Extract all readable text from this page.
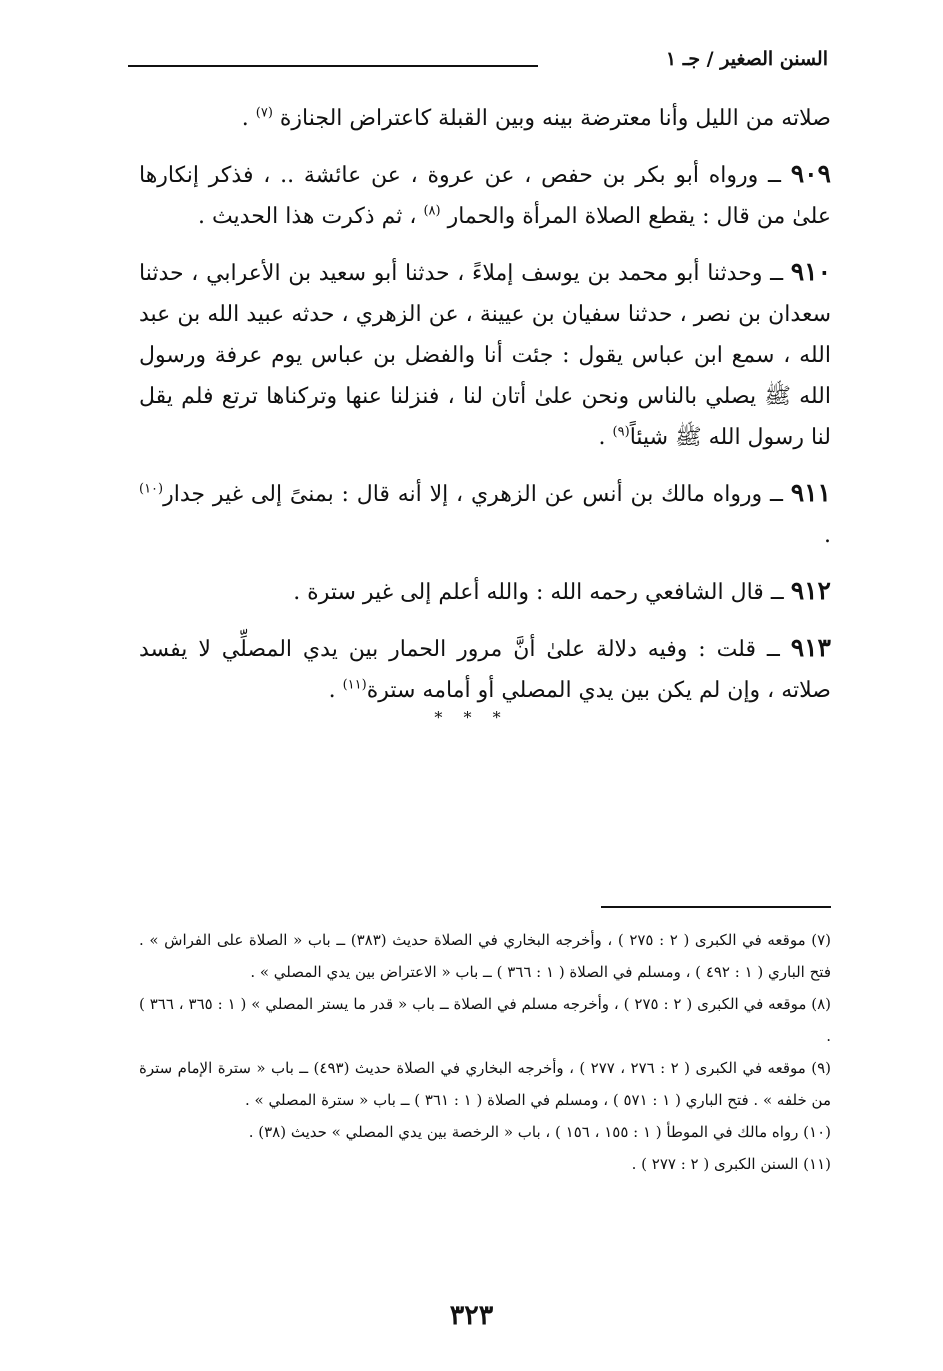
السنن الصغير / جـ ١

صلاته من الليل وأنا معترضة بينه وبين القبلة كاعتراض الجنازة $^{(٧)}$ .

٩٠٩ ــ ورواه أبو بكر بن حفص ، عن عروة ، عن عائشة .. ، فذكر إنكارها علىٰ من قال : يقطع الصلاة المرأة والحمار $^{(٨)}$ ، ثم ذكرت هذا الحديث .

٩١٠ ــ وحدثنا أبو محمد بن يوسف إملاءً ، حدثنا أبو سعيد بن الأعرابي ، حدثنا سعدان بن نصر ، حدثنا سفيان بن عيينة ، عن الزهري ، حدثه عبيد الله بن عبد الله ، سمع ابن عباس يقول : جئت أنا والفضل بن عباس يوم عرفة ورسول الله ﷺ يصلي بالناس ونحن علىٰ أتان لنا ، فنزلنا عنها وتركناها ترتع فلم يقل لنا رسول الله ﷺ شيئاً$^{(٩)}$ .

٩١١ ــ ورواه مالك بن أنس عن الزهري ، إلا أنه قال : بمنىً إلى غير جدار$^{(١٠)}$ .

٩١٢ ــ قال الشافعي رحمه الله : والله أعلم إلى غير سترة .

٩١٣ ــ قلت : وفيه دلالة علىٰ أنَّ مرور الحمار بين يدي المصلِّي لا يفسد صلاته ، وإن لم يكن بين يدي المصلي أو أمامه سترة$^{(١١)}$ .

* * *

(٧) موقعه في الكبرى ( ٢ : ٢٧٥ ) ، وأخرجه البخاري في الصلاة حديث (٣٨٣) ــ باب « الصلاة على الفراش » . فتح الباري ( ١ : ٤٩٢ ) ، ومسلم في الصلاة ( ١ : ٣٦٦ ) ــ باب « الاعتراض بين يدي المصلي » .

(٨) موقعه في الكبرى ( ٢ : ٢٧٥ ) ، وأخرجه مسلم في الصلاة ــ باب « قدر ما يستر المصلي » ( ١ : ٣٦٥ ، ٣٦٦ ) .

(٩) موقعه في الكبرى ( ٢ : ٢٧٦ ، ٢٧٧ ) ، وأخرجه البخاري في الصلاة حديث (٤٩٣) ــ باب « سترة الإمام سترة من خلفه » . فتح الباري ( ١ : ٥٧١ ) ، ومسلم في الصلاة ( ١ : ٣٦١ ) ــ باب « سترة المصلي » .

(١٠) رواه مالك في الموطأ ( ١ : ١٥٥ ، ١٥٦ ) ، باب « الرخصة بين يدي المصلي » حديث (٣٨) .

(١١) السنن الكبرى ( ٢ : ٢٧٧ ) .

٣٢٣
